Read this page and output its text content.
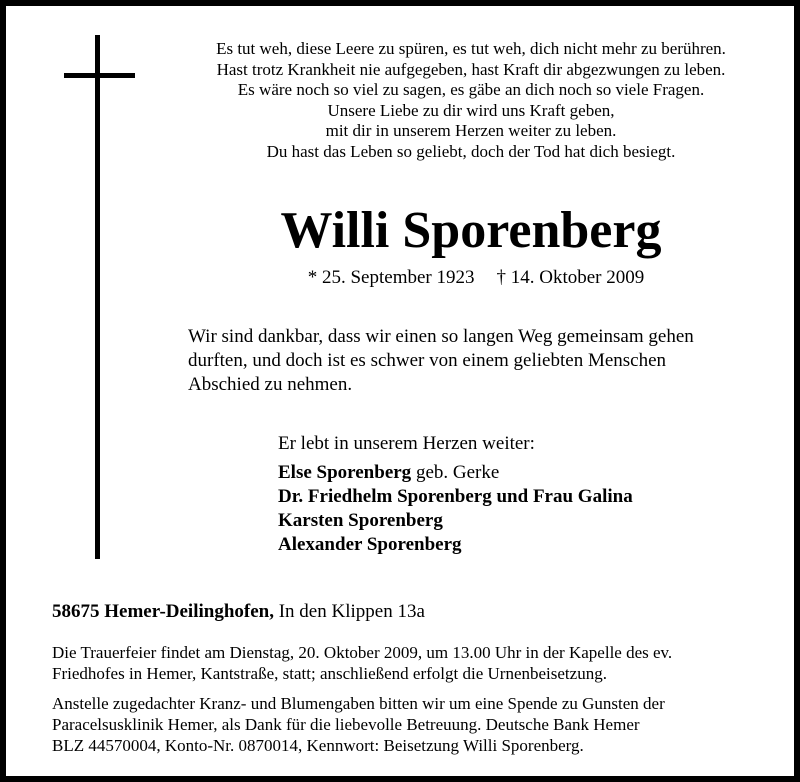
Es tut weh, diese Leere zu spüren, es tut weh, dich nicht mehr zu berühren.
Hast trotz Krankheit nie aufgegeben, hast Kraft dir abgezwungen zu leben.
Es wäre noch so viel zu sagen, es gäbe an dich noch so viele Fragen.
Unsere Liebe zu dir wird uns Kraft geben,
mit dir in unserem Herzen weiter zu leben.
Du hast das Leben so geliebt, doch der Tod hat dich besiegt.
Willi Sporenberg
* 25. September 1923 † 14. Oktober 2009
Wir sind dankbar, dass wir einen so langen Weg gemeinsam gehen
durften, und doch ist es schwer von einem geliebten Menschen
Abschied zu nehmen.
Er lebt in unserem Herzen weiter:
Else Sporenberg geb. Gerke
Dr. Friedhelm Sporenberg und Frau Galina
Karsten Sporenberg
Alexander Sporenberg
58675 Hemer-Deilinghofen, In den Klippen 13a
Die Trauerfeier findet am Dienstag, 20. Oktober 2009, um 13.00 Uhr in der Kapelle des ev.
Friedhofes in Hemer, Kantstraße, statt; anschließend erfolgt die Urnenbeisetzung.
Anstelle zugedachter Kranz- und Blumengaben bitten wir um eine Spende zu Gunsten der
Paracelsusklinik Hemer, als Dank für die liebevolle Betreuung. Deutsche Bank Hemer
BLZ 44570004, Konto-Nr. 0870014, Kennwort: Beisetzung Willi Sporenberg.
